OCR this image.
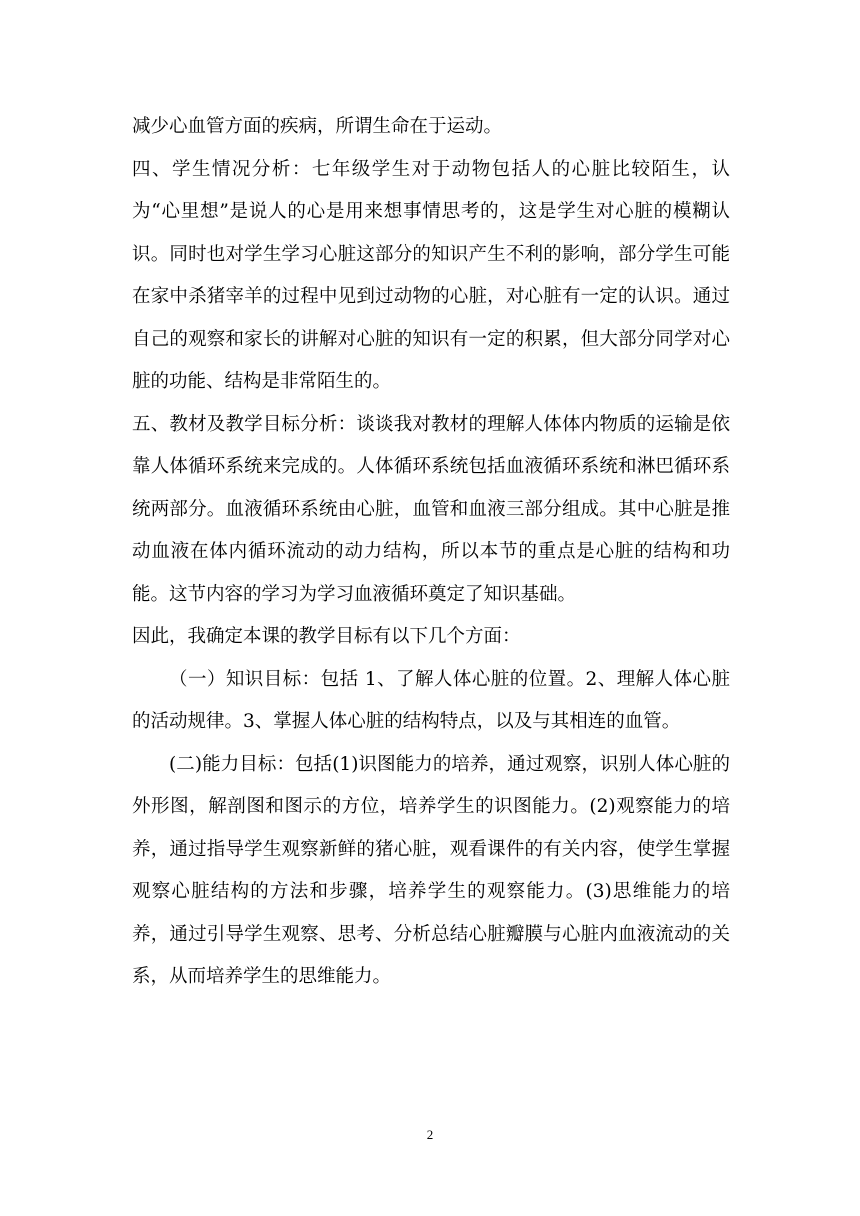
减少心血管方面的疾病，所谓生命在于运动。

四、学生情况分析：七年级学生对于动物包括人的心脏比较陌生，认为“心里想”是说人的心是用来想事情思考的，这是学生对心脏的模糊认识。同时也对学生学习心脏这部分的知识产生不利的影响，部分学生可能在家中杀猪宰羊的过程中见到过动物的心脏，对心脏有一定的认识。通过自己的观察和家长的讲解对心脏的知识有一定的积累，但大部分同学对心脏的功能、结构是非常陌生的。

五、教材及教学目标分析：谈谈我对教材的理解人体体内物质的运输是依靠人体循环系统来完成的。人体循环系统包括血液循环系统和淋巴循环系统两部分。血液循环系统由心脏，血管和血液三部分组成。其中心脏是推动血液在体内循环流动的动力结构，所以本节的重点是心脏的结构和功能。这节内容的学习为学习血液循环奠定了知识基础。

因此，我确定本课的教学目标有以下几个方面：

（一）知识目标：包括 1、了解人体心脏的位置。2、理解人体心脏的活动规律。3、掌握人体心脏的结构特点，以及与其相连的血管。

(二)能力目标：包括(1)识图能力的培养，通过观察，识别人体心脏的外形图，解剖图和图示的方位，培养学生的识图能力。(2)观察能力的培养，通过指导学生观察新鲜的猪心脏，观看课件的有关内容，使学生掌握观察心脏结构的方法和步骤，培养学生的观察能力。(3)思维能力的培养，通过引导学生观察、思考、分析总结心脏瓣膜与心脏内血液流动的关系，从而培养学生的思维能力。

2
